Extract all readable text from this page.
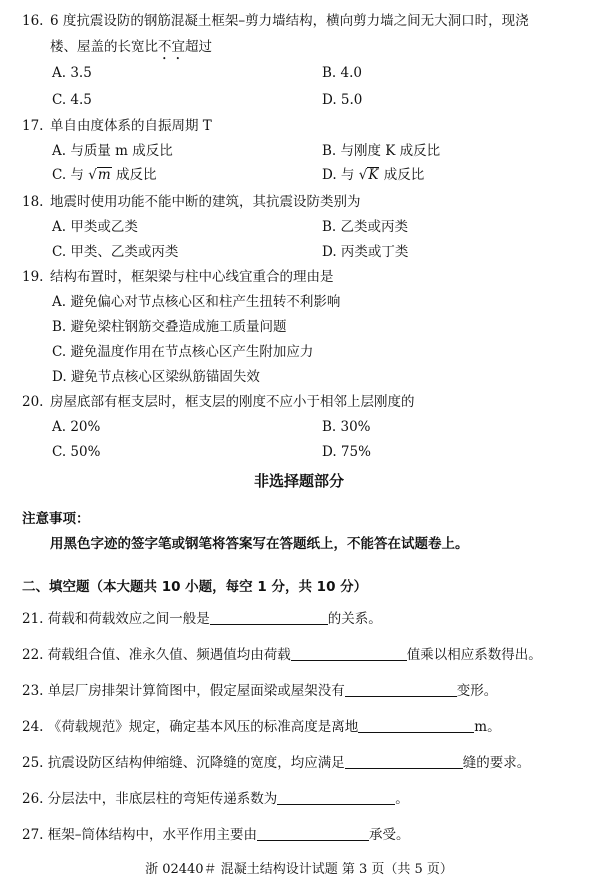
16. 6 度抗震设防的钢筋混凝土框架–剪力墙结构，横向剪力墙之间无大洞口时，现浇
楼、屋盖的长宽比不宜超过
A. 3.5	B. 4.0
C. 4.5	D. 5.0
17. 单自由度体系的自振周期 T
A. 与质量 m 成反比	B. 与刚度 K 成反比
C. 与 √m 成反比	D. 与 √K 成反比
18. 地震时使用功能不能中断的建筑，其抗震设防类别为
A. 甲类或乙类	B. 乙类或丙类
C. 甲类、乙类或丙类	D. 丙类或丁类
19. 结构布置时，框架梁与柱中心线宜重合的理由是
A. 避免偏心对节点核心区和柱产生扭转不利影响
B. 避免梁柱钢筋交叠造成施工质量问题
C. 避免温度作用在节点核心区产生附加应力
D. 避免节点核心区梁纵筋锚固失效
20. 房屋底部有框支层时，框支层的刚度不应小于相邻上层刚度的
A. 20%	B. 30%
C. 50%	D. 75%
非选择题部分
注意事项：
用黑色字迹的签字笔或钢笔将答案写在答题纸上，不能答在试题卷上。
二、填空题（本大题共 10 小题，每空 1 分，共 10 分）
21. 荷载和荷载效应之间一般是	的关系。
22. 荷载组合值、准永久值、频遇值均由荷载	值乘以相应系数得出。
23. 单层厂房排架计算简图中，假定屋面梁或屋架没有	变形。
24. 《荷载规范》规定，确定基本风压的标准高度是离地	m。
25. 抗震设防区结构伸缩缝、沉降缝的宽度，均应满足	缝的要求。
26. 分层法中，非底层柱的弯矩传递系数为	。
27. 框架–筒体结构中，水平作用主要由	承受。
浙 02440＃ 混凝土结构设计试题 第 3 页（共 5 页）
